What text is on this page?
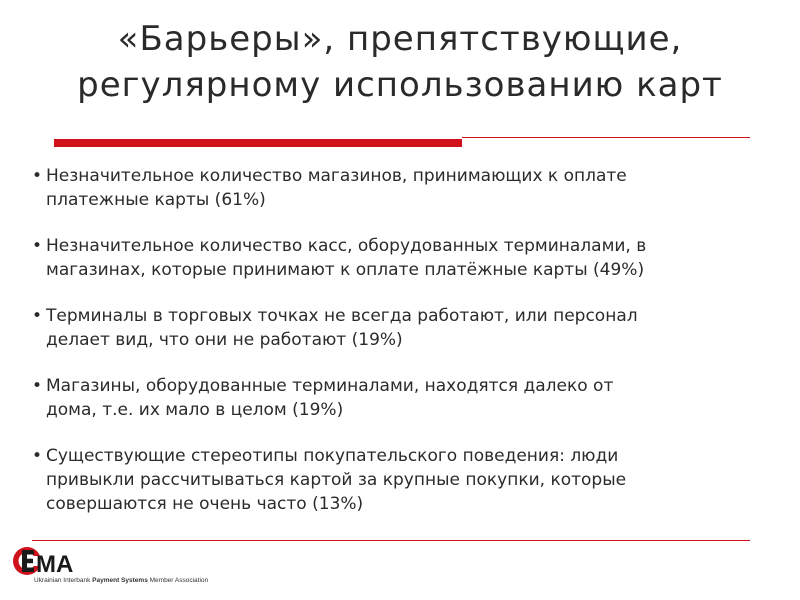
«Барьеры», препятствующие,
регулярному использованию карт
• Незначительное количество магазинов, принимающих к оплате
платежные карты (61%)
• Незначительное количество касс, оборудованных терминалами, в
магазинах, которые принимают к оплате платёжные карты (49%)
• Терминалы в торговых точках не всегда работают, или персонал
делает вид, что они не работают (19%)
• Магазины, оборудованные терминалами, находятся далеко от
дома, т.е. их мало в целом (19%)
• Существующие стереотипы покупательского поведения: люди
привыкли рассчитываться картой за крупные покупки, которые
совершаются не очень часто (13%)
MA
Ukrainian Interbank Payment Systems Member Association
